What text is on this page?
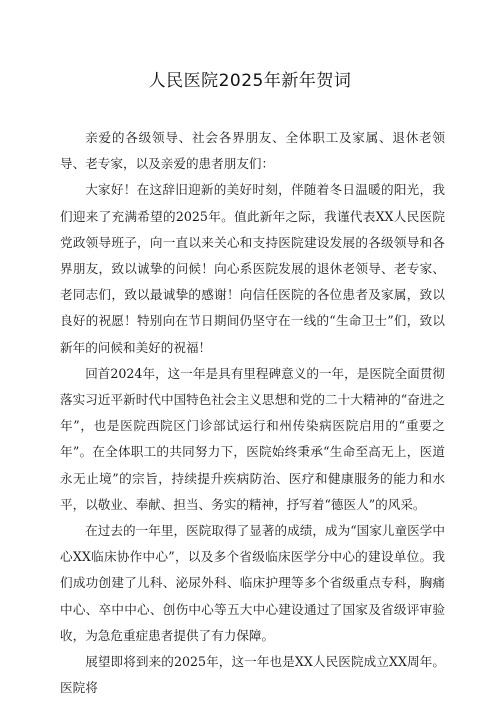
人民医院2025年新年贺词

亲爱的各级领导、社会各界朋友、全体职工及家属、退休老领导、老专家，以及亲爱的患者朋友们：

大家好！在这辞旧迎新的美好时刻，伴随着冬日温暖的阳光，我们迎来了充满希望的2025年。值此新年之际，我谨代表XX人民医院党政领导班子，向一直以来关心和支持医院建设发展的各级领导和各界朋友，致以诚挚的问候！向心系医院发展的退休老领导、老专家、老同志们，致以最诚挚的感谢！向信任医院的各位患者及家属，致以良好的祝愿！特别向在节日期间仍坚守在一线的“生命卫士”们，致以新年的问候和美好的祝福！

回首2024年，这一年是具有里程碑意义的一年，是医院全面贯彻落实习近平新时代中国特色社会主义思想和党的二十大精神的“奋进之年”，也是医院西院区门诊部试运行和州传染病医院启用的“重要之年”。在全体职工的共同努力下，医院始终秉承“生命至高无上，医道永无止境”的宗旨，持续提升疾病防治、医疗和健康服务的能力和水平，以敬业、奉献、担当、务实的精神，抒写着“德医人”的风采。

在过去的一年里，医院取得了显著的成绩，成为“国家儿童医学中心XX临床协作中心”，以及多个省级临床医学分中心的建设单位。我们成功创建了儿科、泌尿外科、临床护理等多个省级重点专科，胸痛中心、卒中中心、创伤中心等五大中心建设通过了国家及省级评审验收，为急危重症患者提供了有力保障。

展望即将到来的2025年，这一年也是XX人民医院成立XX周年。医院将
